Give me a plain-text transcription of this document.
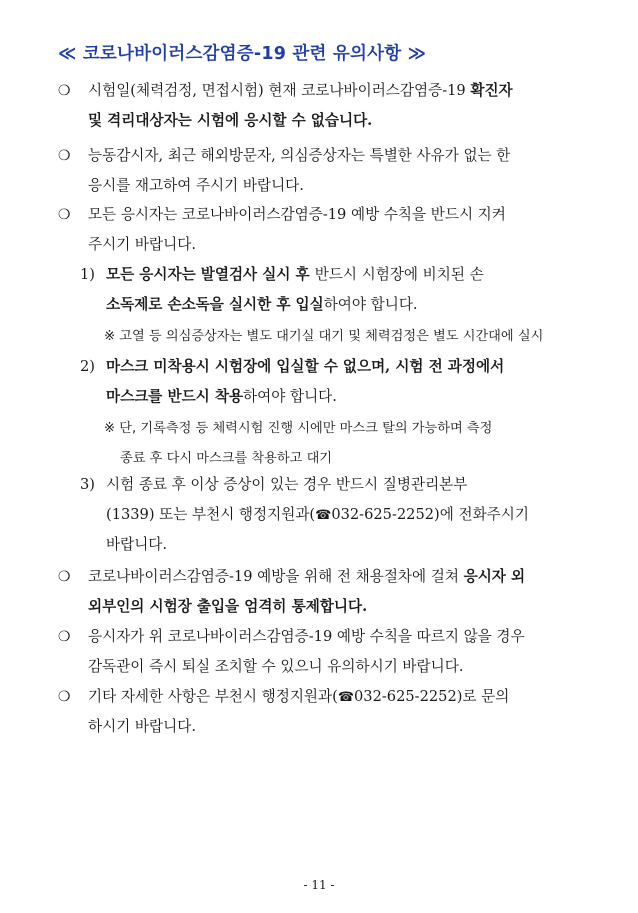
≪ 코로나바이러스감염증-19 관련 유의사항 ≫
❍ 시험일(체력검정, 면접시험) 현재 코로나바이러스감염증-19 확진자
및 격리대상자는 시험에 응시할 수 없습니다.
❍ 능동감시자, 최근 해외방문자, 의심증상자는 특별한 사유가 없는 한
응시를 재고하여 주시기 바랍니다.
❍ 모든 응시자는 코로나바이러스감염증-19 예방 수칙을 반드시 지켜
주시기 바랍니다.
1) 모든 응시자는 발열검사 실시 후 반드시 시험장에 비치된 손
소독제로 손소독을 실시한 후 입실하여야 합니다.
※ 고열 등 의심증상자는 별도 대기실 대기 및 체력검정은 별도 시간대에 실시
2) 마스크 미착용시 시험장에 입실할 수 없으며, 시험 전 과정에서
마스크를 반드시 착용하여야 합니다.
※ 단, 기록측정 등 체력시험 진행 시에만 마스크 탈의 가능하며 측정
종료 후 다시 마스크를 착용하고 대기
3) 시험 종료 후 이상 증상이 있는 경우 반드시 질병관리본부
(1339) 또는 부천시 행정지원과(☎032-625-2252)에 전화주시기
바랍니다.
❍ 코로나바이러스감염증-19 예방을 위해 전 채용절차에 걸쳐 응시자 외
외부인의 시험장 출입을 엄격히 통제합니다.
❍ 응시자가 위 코로나바이러스감염증-19 예방 수칙을 따르지 않을 경우
감독관이 즉시 퇴실 조치할 수 있으니 유의하시기 바랍니다.
❍ 기타 자세한 사항은 부천시 행정지원과(☎032-625-2252)로 문의
하시기 바랍니다.
- 11 -
